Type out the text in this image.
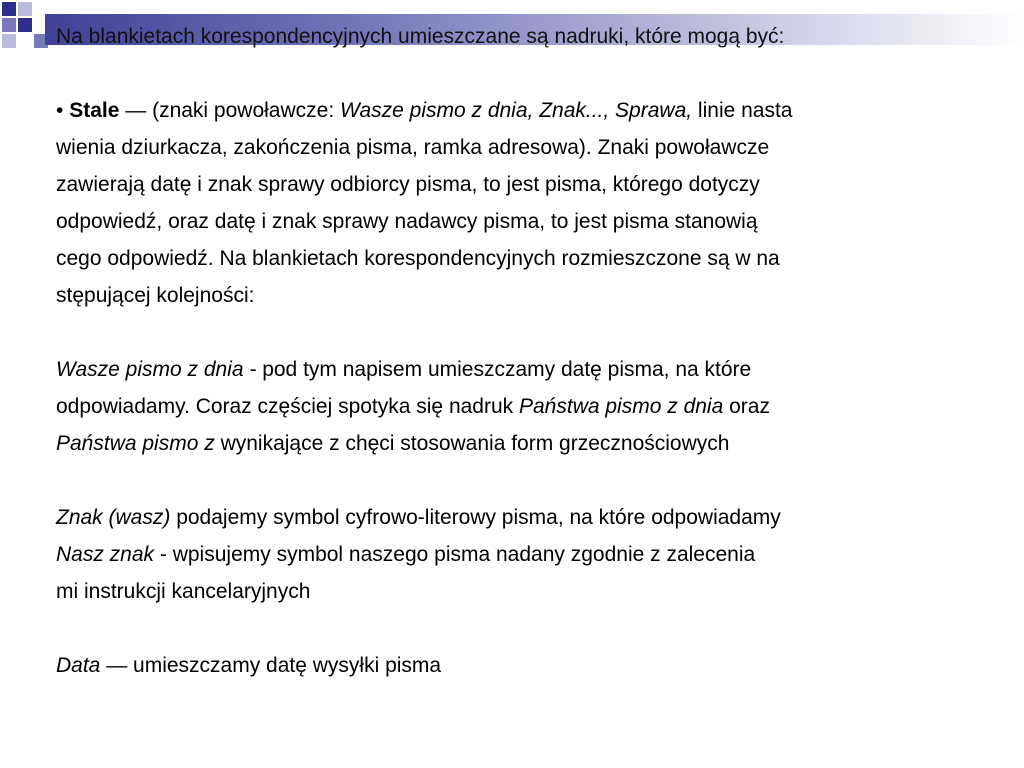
Na blankietach korespondencyjnych umieszczane są nadruki, które mogą być:

• Stale — (znaki powoławcze: Wasze pismo z dnia, Znak..., Sprawa, linie nasta

wienia dziurkacza, zakończenia pisma, ramka adresowa). Znaki powoławcze

zawierają datę i znak sprawy odbiorcy pisma, to jest pisma, którego dotyczy

odpowiedź, oraz datę i znak sprawy nadawcy pisma, to jest pisma stanowią

cego odpowiedź. Na blankietach korespondencyjnych rozmieszczone są w na

stępującej kolejności:

Wasze pismo z dnia - pod tym napisem umieszczamy datę pisma, na które

odpowiadamy. Coraz częściej spotyka się nadruk Państwa pismo z dnia oraz

Państwa pismo z wynikające z chęci stosowania form grzecznościowych

Znak (wasz) podajemy symbol cyfrowo-literowy pisma, na które odpowiadamy

Nasz znak - wpisujemy symbol naszego pisma nadany zgodnie z zalecenia

mi instrukcji kancelaryjnych

Data — umieszczamy datę wysyłki pisma
